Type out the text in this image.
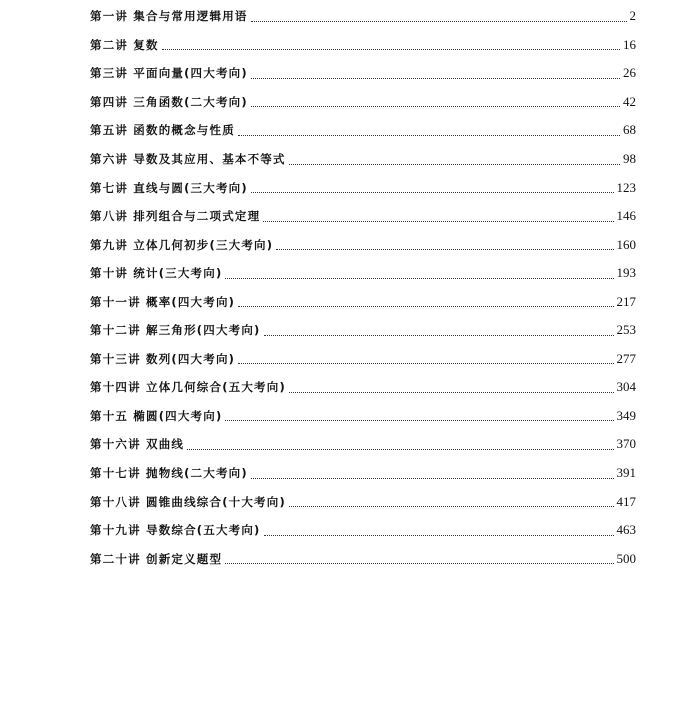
第一讲 集合与常用逻辑用语	2
第二讲 复数	16
第三讲 平面向量(四大考向)	26
第四讲 三角函数(二大考向)	42
第五讲 函数的概念与性质	68
第六讲 导数及其应用、基本不等式	98
第七讲 直线与圆(三大考向)	123
第八讲 排列组合与二项式定理	146
第九讲 立体几何初步(三大考向)	160
第十讲 统计(三大考向)	193
第十一讲 概率(四大考向)	217
第十二讲 解三角形(四大考向)	253
第十三讲 数列(四大考向)	277
第十四讲 立体几何综合(五大考向)	304
第十五 椭圆(四大考向)	349
第十六讲 双曲线	370
第十七讲 抛物线(二大考向)	391
第十八讲 圆锥曲线综合(十大考向)	417
第十九讲 导数综合(五大考向)	463
第二十讲 创新定义题型	500
